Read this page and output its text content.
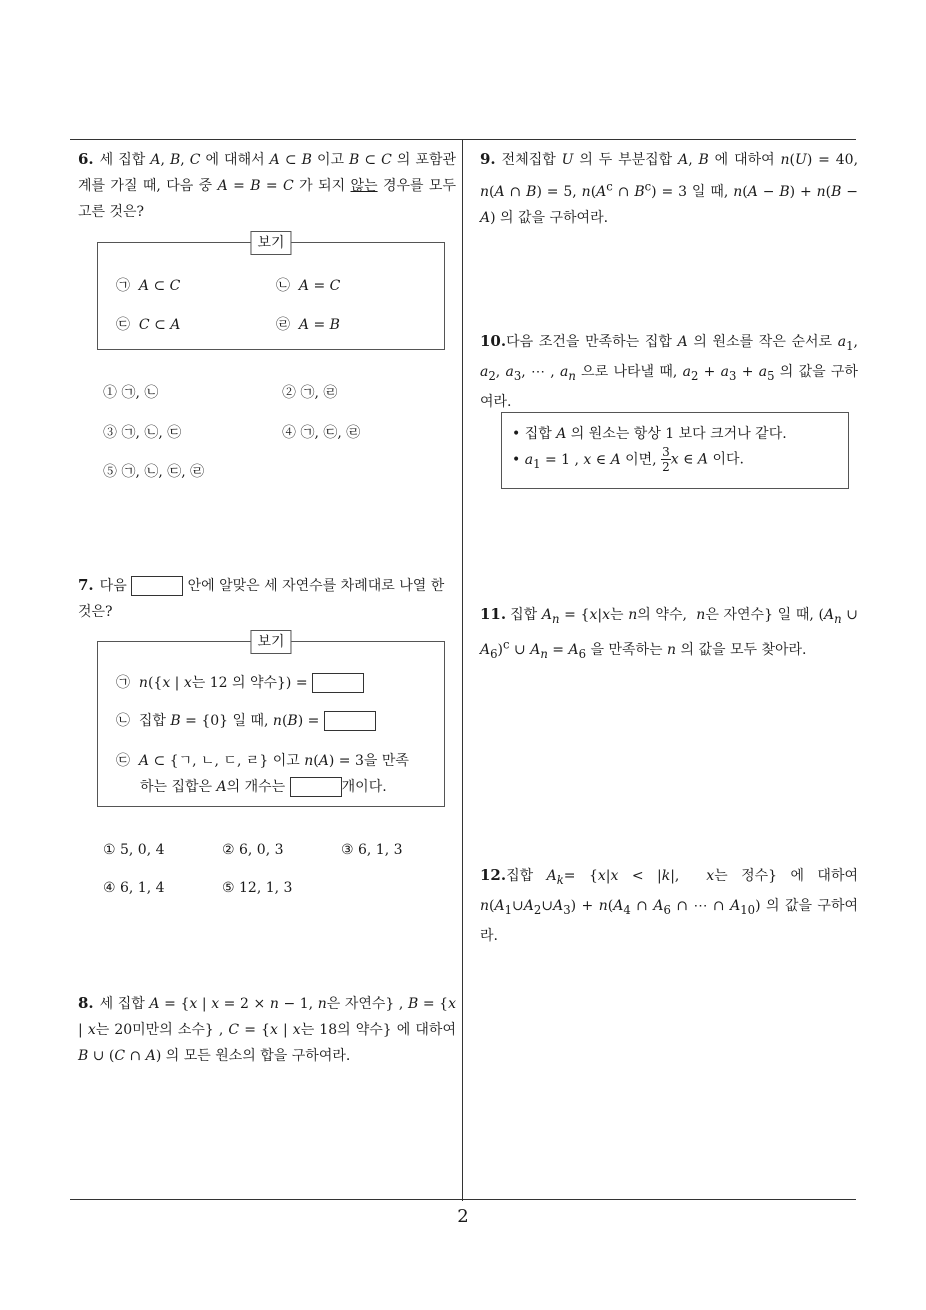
2
6. 세 집합 A, B, C 에 대해서 A ⊂ B 이고 B ⊂ C 의 포함관계를 가질 때, 다음 중 A = B = C 가 되지 않는 경우를 모두 고른 것은?
보기
㉠ A ⊂ C	㉡ A = C
㉢ C ⊂ A	㉣ A = B
① ㉠, ㉡	② ㉠, ㉣
③ ㉠, ㉡, ㉢	④ ㉠, ㉢, ㉣
⑤ ㉠, ㉡, ㉢, ㉣
7. 다음	안에 알맞은 세 자연수를 차례대로 나열 한 것은?
보기
㉠ n({x | x는 12 의 약수}) =
㉡ 집합 B = {0} 일 때, n(B) =
㉢ A ⊂ {ㄱ, ㄴ, ㄷ, ㄹ} 이고 n(A) = 3을 만족
하는 집합은 A의 개수는	개이다.
① 5, 0, 4	② 6, 0, 3	③ 6, 1, 3
④ 6, 1, 4	⑤ 12, 1, 3
8. 세 집합 A = {x | x = 2 × n − 1, n은 자연수} , B = {x | x는 20미만의 소수} , C = {x | x는 18의 약수} 에 대하여 B ∪ (C ∩ A) 의 모든 원소의 합을 구하여라.
9. 전체집합 U 의 두 부분집합 A, B 에 대하여 n(U) = 40, n(A ∩ B) = 5, $n(A^c$ ∩ $B^c) = 3$ 일 때, n(A − B) + n(B − A) 의 값을 구하여라.
10.다음 조건을 만족하는 집합 A 의 원소를 작은 순서로 $a_1$, $a_2$, $a_3$, ⋯ , $a_n$ 으로 나타낼 때, $a_2 + a_3 + a_5$ 의 값을 구하여라.
• 집합 A 의 원소는 항상 1 보다 크거나 같다.
• $a_1 = 1$ , x ∈ A 이면, $\frac{3}{2}$ x ∈ A 이다.
11. 집합 $A_n = \{x|x$는 n의 약수,  n은 자연수} 일 때, ($A_n$ ∪ $A_6)^c$ ∪ $A_n = A_6$ 을 만족하는 n 의 값을 모두 찾아라.
12.집합 $A_k= \{x|x < |k|$,  x는 정수} 에 대하여 $n(A_1\cup A_2\cup A_3) + n(A_4$ ∩ $A_6$ ∩ ⋯ ∩ $A_{10}$) 의 값을 구하여라.
